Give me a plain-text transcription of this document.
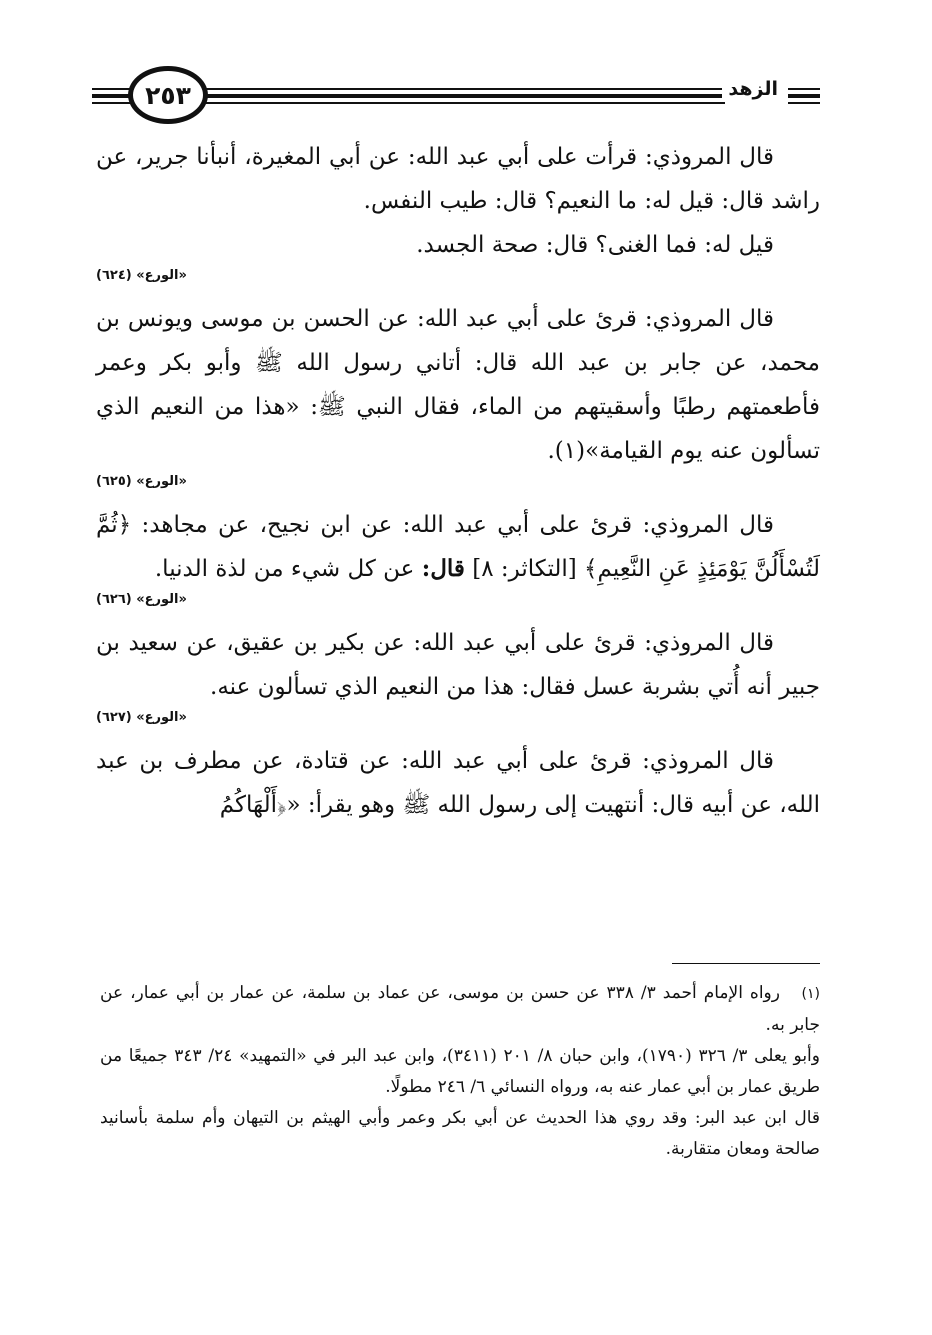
٢٥٣	الزهد

قال المروذي: قرأت على أبي عبد الله: عن أبي المغيرة، أنبأنا جرير، عن راشد قال: قيل له: ما النعيم؟ قال: طيب النفس.

قيل له: فما الغنى؟ قال: صحة الجسد.

«الورع» (٦٢٤)

قال المروذي: قرئ على أبي عبد الله: عن الحسن بن موسى ويونس بن محمد، عن جابر بن عبد الله قال: أتاني رسول الله ﷺ وأبو بكر وعمر فأطعمتهم رطبًا وأسقيتهم من الماء، فقال النبي ﷺ: «هذا من النعيم الذي تسألون عنه يوم القيامة»(١).

«الورع» (٦٢٥)

قال المروذي: قرئ على أبي عبد الله: عن ابن نجيح، عن مجاهد: ﴿ثُمَّ لَتُسْأَلُنَّ يَوْمَئِذٍ عَنِ النَّعِيمِ﴾ [التكاثر: ٨] قال: عن كل شيء من لذة الدنيا.

«الورع» (٦٢٦)

قال المروذي: قرئ على أبي عبد الله: عن بكير بن عقيق، عن سعيد بن جبير أنه أُتي بشربة عسل فقال: هذا من النعيم الذي تسألون عنه.

«الورع» (٦٢٧)

قال المروذي: قرئ على أبي عبد الله: عن قتادة، عن مطرف بن عبد الله، عن أبيه قال: أنتهيت إلى رسول الله ﷺ وهو يقرأ: «﴿أَلْهَاكُمُ

(١)رواه الإمام أحمد ٣/ ٣٣٨ عن حسن بن موسى، عن عماد بن سلمة، عن عمار بن أبي عمار، عن جابر به.

وأبو يعلى ٣/ ٣٢٦ (١٧٩٠)، وابن حبان ٨/ ٢٠١ (٣٤١١)، وابن عبد البر في «التمهيد» ٢٤/ ٣٤٣ جميعًا من طريق عمار بن أبي عمار عنه به، ورواه النسائي ٦/ ٢٤٦ مطولًا.

قال ابن عبد البر: وقد روي هذا الحديث عن أبي بكر وعمر وأبي الهيثم بن التيهان وأم سلمة بأسانيد صالحة ومعان متقاربة.
